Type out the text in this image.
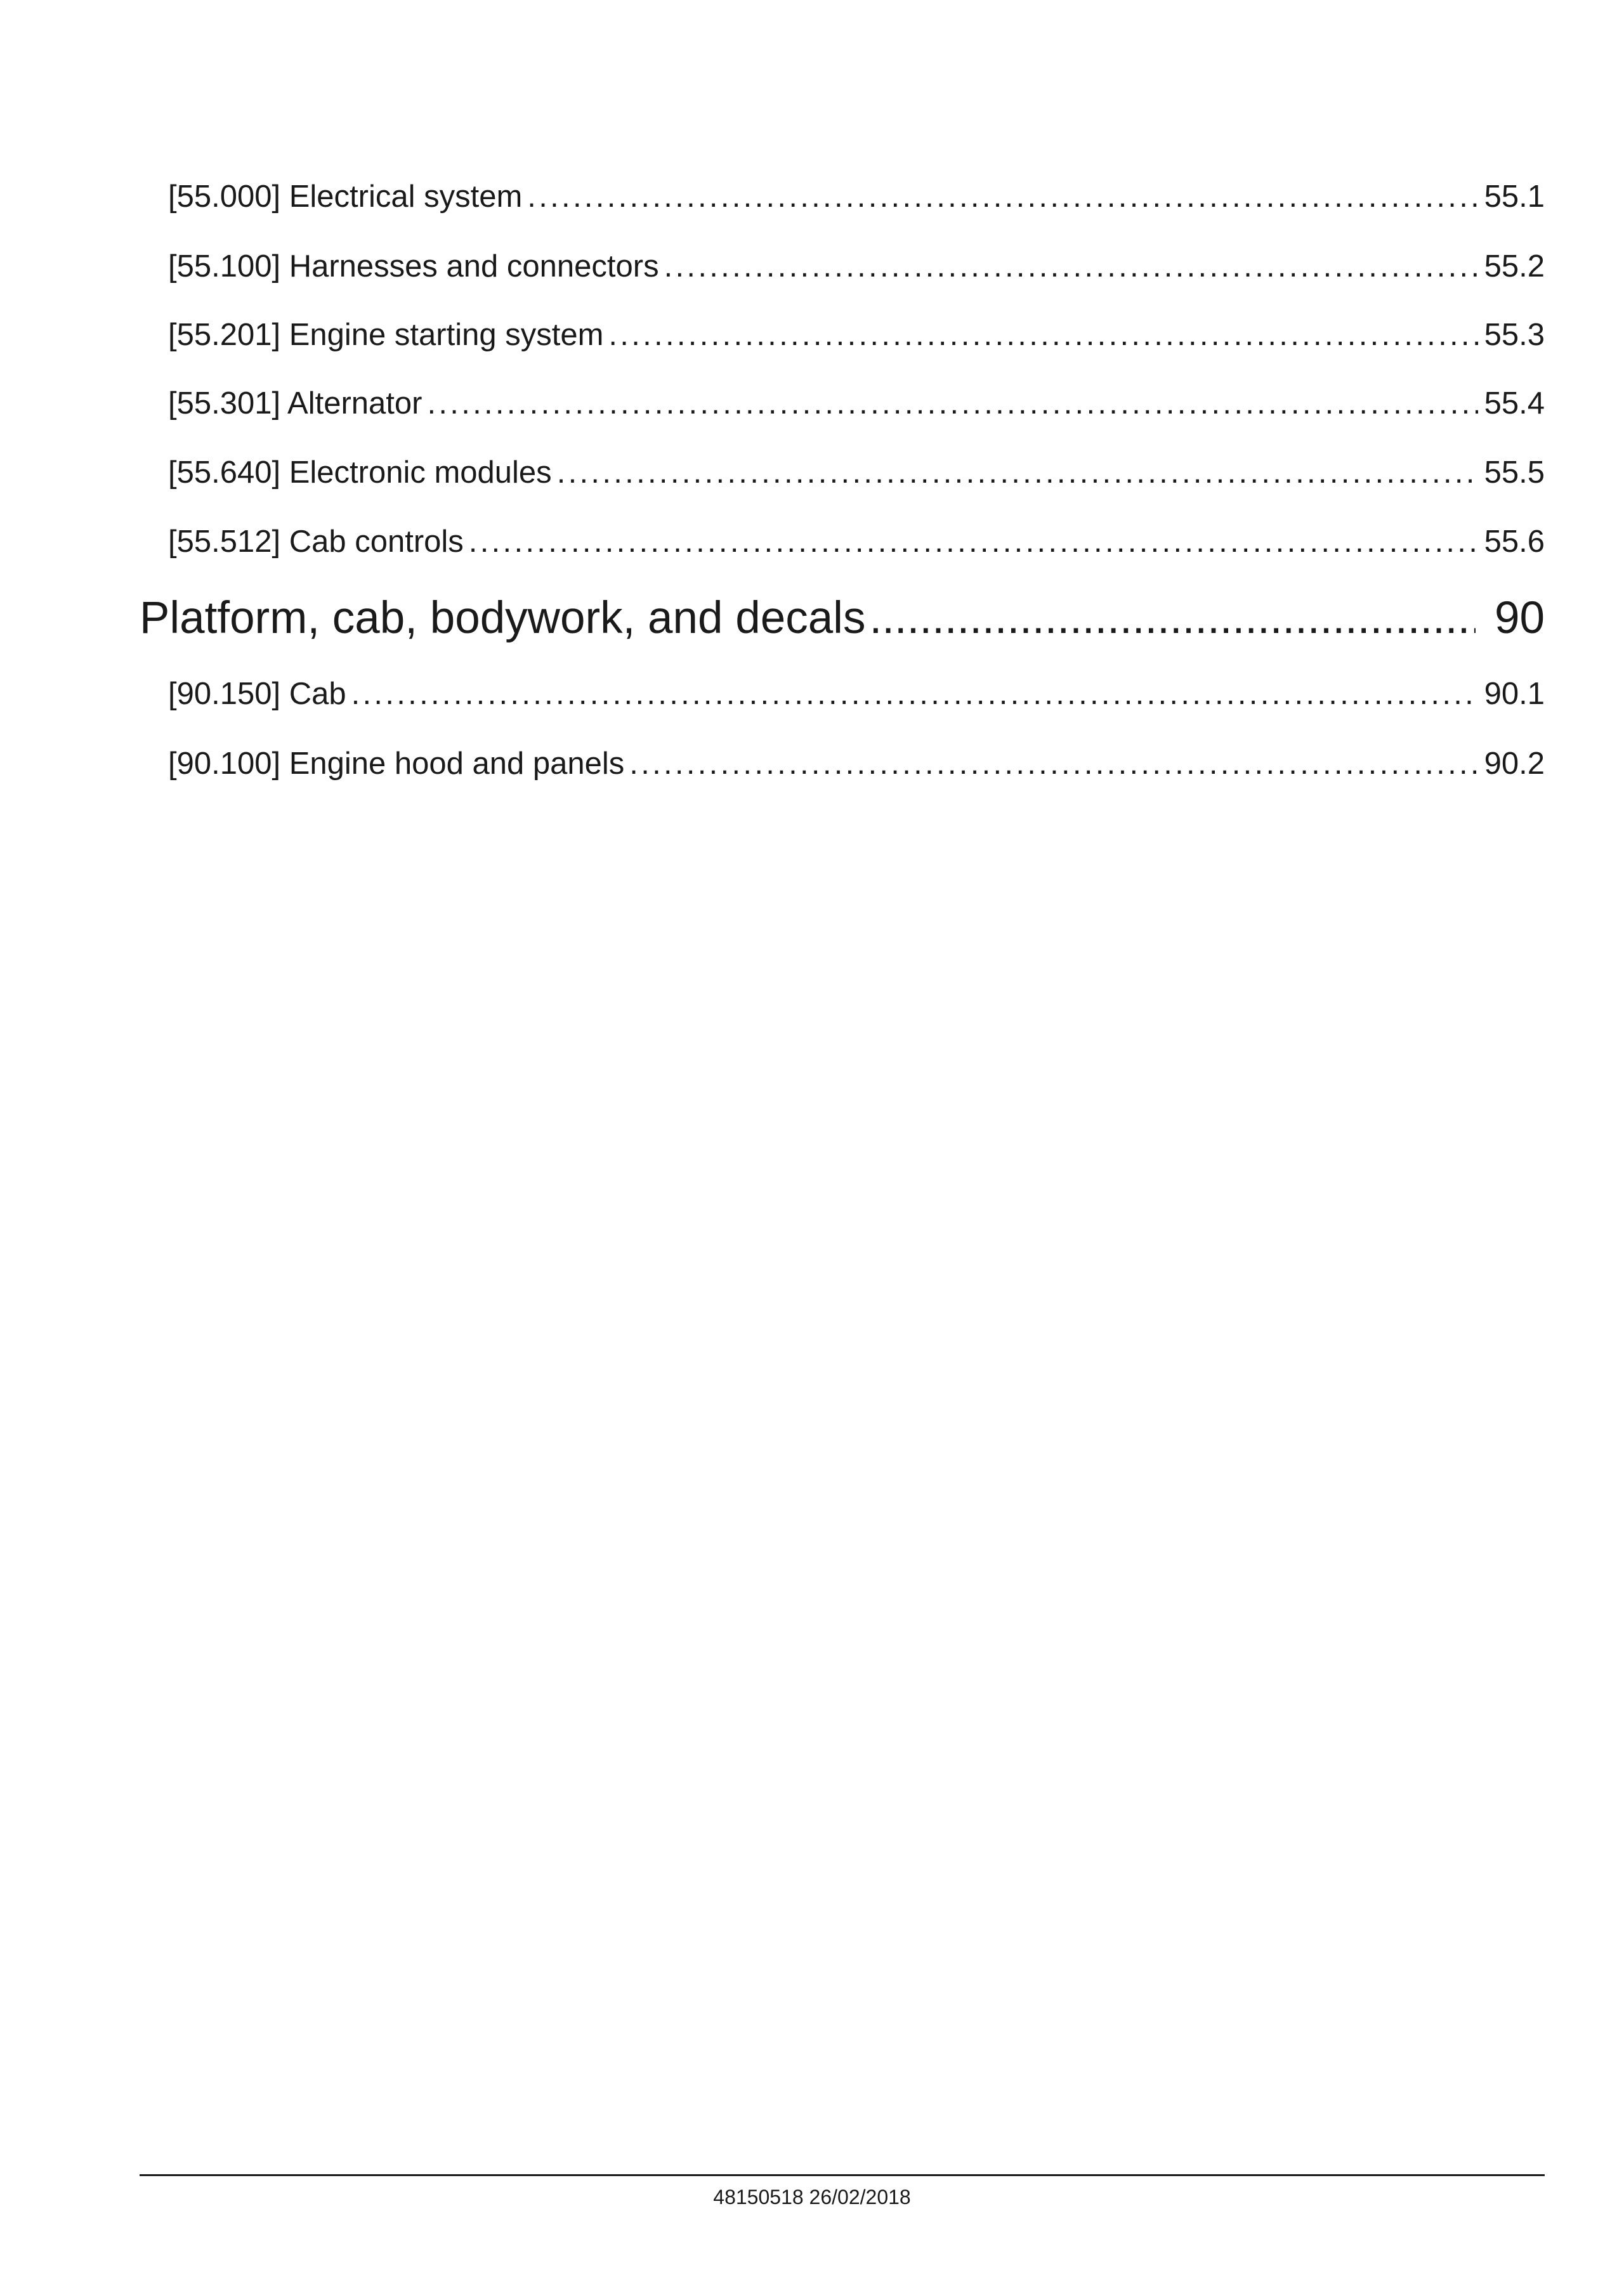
[55.000] Electrical system .....	55.1
[55.100] Harnesses and connectors .....	55.2
[55.201] Engine starting system .....	55.3
[55.301] Alternator .....	55.4
[55.640] Electronic modules .....	55.5
[55.512] Cab controls .....	55.6
Platform, cab, bodywork, and decals .....	90
[90.150] Cab .....	90.1
[90.100] Engine hood and panels .....	90.2
48150518 26/02/2018
